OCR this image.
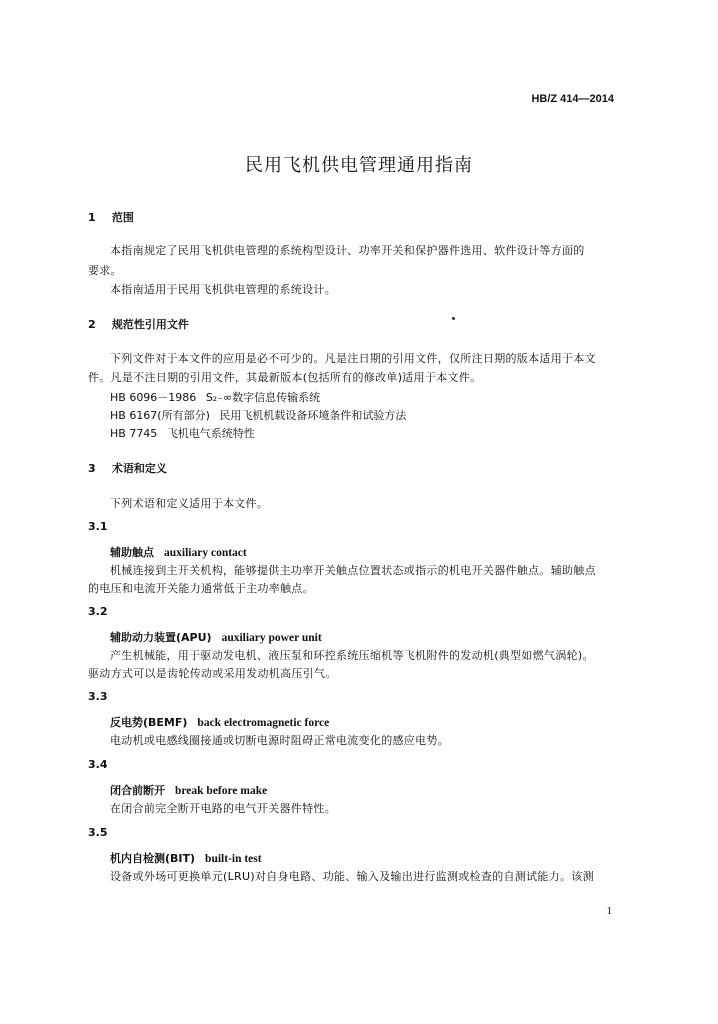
HB/Z 414—2014
民用飞机供电管理通用指南
1 范围
本指南规定了民用飞机供电管理的系统构型设计、功率开关和保护器件选用、软件设计等方面的
要求。
本指南适用于民用飞机供电管理的系统设计。
2 规范性引用文件
下列文件对于本文件的应用是必不可少的。凡是注日期的引用文件，仅所注日期的版本适用于本文
件。凡是不注日期的引用文件，其最新版本(包括所有的修改单)适用于本文件。
HB 6096－1986 S₂₋∞数字信息传输系统
HB 6167(所有部分) 民用飞机机载设备环境条件和试验方法
HB 7745 飞机电气系统特性
3 术语和定义
下列术语和定义适用于本文件。
3.1
辅助触点 auxiliary contact
机械连接到主开关机构，能够提供主功率开关触点位置状态或指示的机电开关器件触点。辅助触点
的电压和电流开关能力通常低于主功率触点。
3.2
辅助动力装置(APU) auxiliary power unit
产生机械能，用于驱动发电机、液压泵和环控系统压缩机等飞机附件的发动机(典型如燃气涡轮)。
驱动方式可以是齿轮传动或采用发动机高压引气。
3.3
反电势(BEMF) back electromagnetic force
电动机或电感线圈接通或切断电源时阻碍正常电流变化的感应电势。
3.4
闭合前断开 break before make
在闭合前完全断开电路的电气开关器件特性。
3.5
机内自检测(BIT) built-in test
设备或外场可更换单元(LRU)对自身电路、功能、输入及输出进行监测或检查的自测试能力。该测
1
